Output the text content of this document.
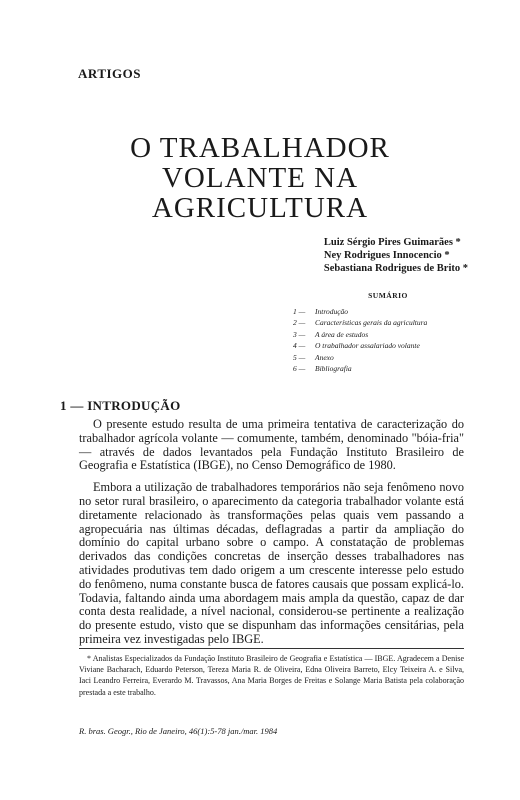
ARTIGOS
O TRABALHADOR
VOLANTE NA
AGRICULTURA
Luiz Sérgio Pires Guimarães *
Ney Rodrigues Innocencio *
Sebastiana Rodrigues de Brito *
SUMÁRIO
1 — Introdução
2 — Características gerais da agricultura
3 — A área de estudos
4 — O trabalhador assalariado volante
5 — Anexo
6 — Bibliografia
1 — INTRODUÇÃO

O presente estudo resulta de uma primeira tentativa de caracterização do trabalhador agrícola volante — comumente, também, denominado "bóia-fria" — através de dados levantados pela Fundação Instituto Brasileiro de Geografia e Estatística (IBGE), no Censo Demográfico de 1980.

Embora a utilização de trabalhadores temporários não seja fenômeno novo no setor rural brasileiro, o aparecimento da categoria trabalhador volante está diretamente relacionado às transformações pelas quais vem passando a agropecuária nas últimas décadas, deflagradas a partir da ampliação do domínio do capital urbano sobre o campo. A constatação de problemas derivados das condições concretas de inserção desses trabalhadores nas atividades produtivas tem dado origem a um crescente interesse pelo estudo do fenômeno, numa constante busca de fatores causais que possam explicá-lo. Todavia, faltando ainda uma abordagem mais ampla da questão, capaz de dar conta desta realidade, a nível nacional, considerou-se pertinente a realização do presente estudo, visto que se dispunham das informações censitárias, pela primeira vez investigadas pelo IBGE.

* Analistas Especializados da Fundação Instituto Brasileiro de Geografia e Estatística — IBGE. Agradecem a Denise Viviane Bacharach, Eduardo Peterson, Terezа Maria R. de Oliveira, Edna Oliveira Barreto, Elcy Teixeira A. e Silva, Iaci Leandro Ferreira, Everardo M. Travassos, Ana Maria Borges de Freitas e Solange Maria Batista pela colaboração prestada a este trabalho.

R. bras. Geogr., Rio de Janeiro, 46(1):5-78 jan./mar. 1984
